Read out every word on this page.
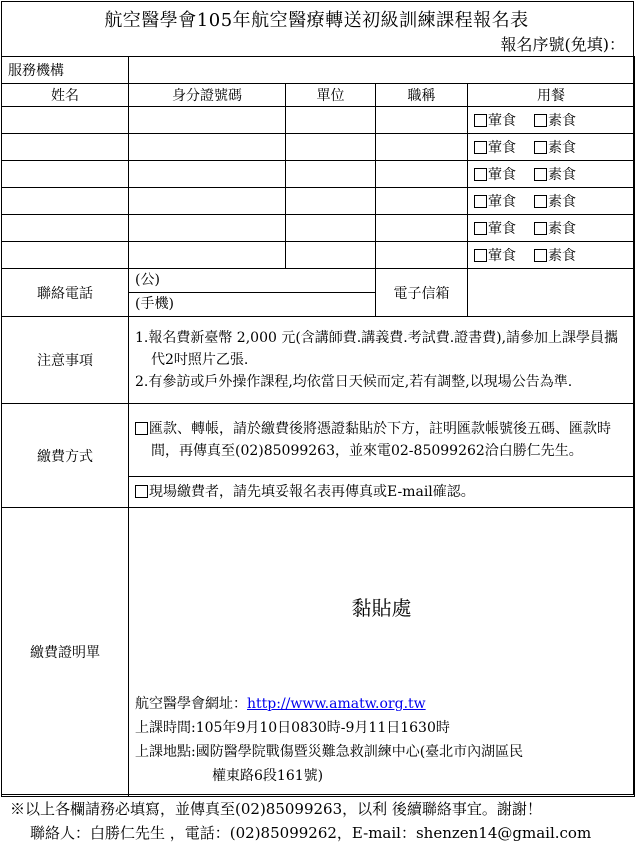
航空醫學會105年航空醫療轉送初級訓練課程報名表
報名序號(免填)：
服務機構				
姓名	身分證號碼	單位	職稱	用餐
				葷食 素食
				葷食 素食
				葷食 素食
				葷食 素食
				葷食 素食
				葷食 素食
聯絡電話	(公)
(手機)		電子信箱	
注意事項	1.報名費新臺幣 2,000 元(含講師費.講義費.考試費.證書費),請參加上課學員攜代2吋照片乙張.
2.有參訪或戶外操作課程,均依當日天候而定,若有調整,以現場公告為準.			

繳費方式	匯款、轉帳，請於繳費後將憑證黏貼於下方，註明匯款帳號後五碼、匯款時間，再傳真至(02)85099263，並來電02-85099262洽白勝仁先生。			

	現場繳費者，請先填妥報名表再傳真或E-mail確認。			
繳費證明單	黏貼處
航空醫學會網址：http://www.amatw.org.tw
上課時間:105年9月10日0830時-9月11日1630時
上課地點:國防醫學院戰傷暨災難急救訓練中心(臺北市內湖區民
權東路6段161號)			
※以上各欄請務必填寫，並傳真至(02)85099263，以利 後續聯絡事宜。謝謝！
聯絡人：白勝仁先生 ，電話：(02)85099262，E-mail：shenzen14@gmail.com
